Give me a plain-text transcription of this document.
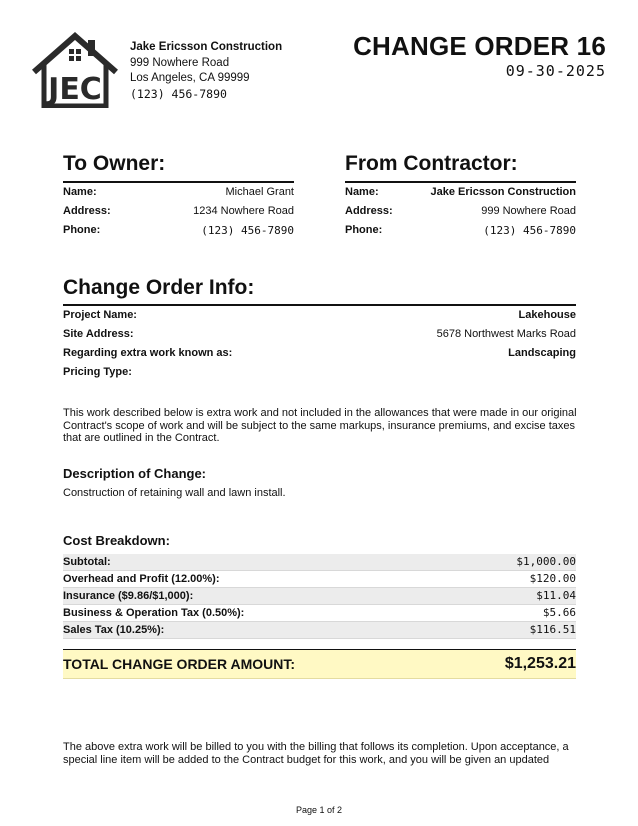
JEC
Jake Ericsson Construction
999 Nowhere Road
Los Angeles, CA 99999
(123) 456-7890
CHANGE ORDER 16
09-30-2025
To Owner:
Name:	Michael Grant
Address:	1234 Nowhere Road
Phone:	(123) 456-7890
From Contractor:
Name:	Jake Ericsson Construction
Address:	999 Nowhere Road
Phone:	(123) 456-7890
Change Order Info:
Project Name:	Lakehouse
Site Address:	5678 Northwest Marks Road
Regarding extra work known as:	Landscaping
Pricing Type:
This work described below is extra work and not included in the allowances that were made in our original Contract's scope of work and will be subject to the same markups, insurance premiums, and excise taxes that are outlined in the Contract.
Description of Change:
Construction of retaining wall and lawn install.
Cost Breakdown:
Subtotal:	$1,000.00
Overhead and Profit (12.00%):	$120.00
Insurance ($9.86/$1,000):	$11.04
Business & Operation Tax (0.50%):	$5.66
Sales Tax (10.25%):	$116.51
TOTAL CHANGE ORDER AMOUNT:	$1,253.21
The above extra work will be billed to you with the billing that follows its completion. Upon acceptance, a special line item will be added to the Contract budget for this work, and you will be given an updated
Page 1 of 2
